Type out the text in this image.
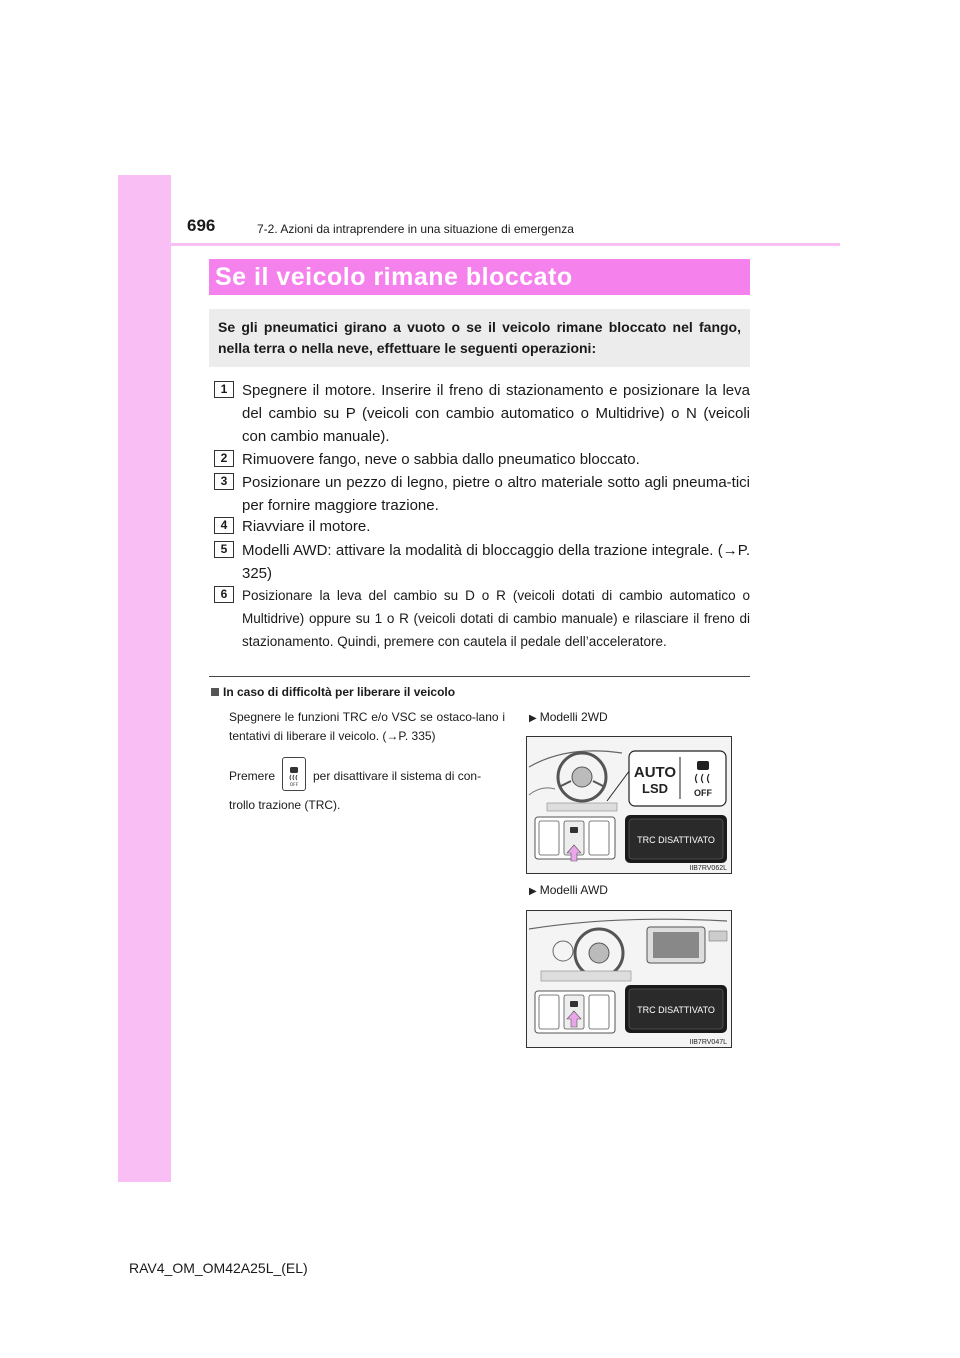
696	7-2. Azioni da intraprendere in una situazione di emergenza
Se il veicolo rimane bloccato
Se gli pneumatici girano a vuoto o se il veicolo rimane bloccato nel fango, nella terra o nella neve, effettuare le seguenti operazioni:
1 Spegnere il motore. Inserire il freno di stazionamento e posizionare la leva del cambio su P (veicoli con cambio automatico o Multidrive) o N (veicoli con cambio manuale).
2 Rimuovere fango, neve o sabbia dallo pneumatico bloccato.
3 Posizionare un pezzo di legno, pietre o altro materiale sotto agli pneuma-tici per fornire maggiore trazione.
4 Riavviare il motore.
5 Modelli AWD: attivare la modalità di bloccaggio della trazione integrale. (→P. 325)
6	Posizionare la leva del cambio su D o R (veicoli dotati di cambio automatico o Multidrive) oppure su 1 o R (veicoli dotati di cambio manuale) e rilasciare il freno di stazionamento. Quindi, premere con cautela il pedale dell’acceleratore.
In caso di difficoltà per liberare il veicolo
Spegnere le funzioni TRC e/o VSC se ostaco-lano i tentativi di liberare il veicolo. (→P. 335)
Premere
OFF
per disattivare il sistema di con-
trollo trazione (TRC).
▶ Modelli 2WD
AUTO
LSD	OFF
TRC DISATTIVATO
IIB7RV062L
▶ Modelli AWD
TRC DISATTIVATO
IIB7RV047L
RAV4_OM_OM42A25L_(EL)
